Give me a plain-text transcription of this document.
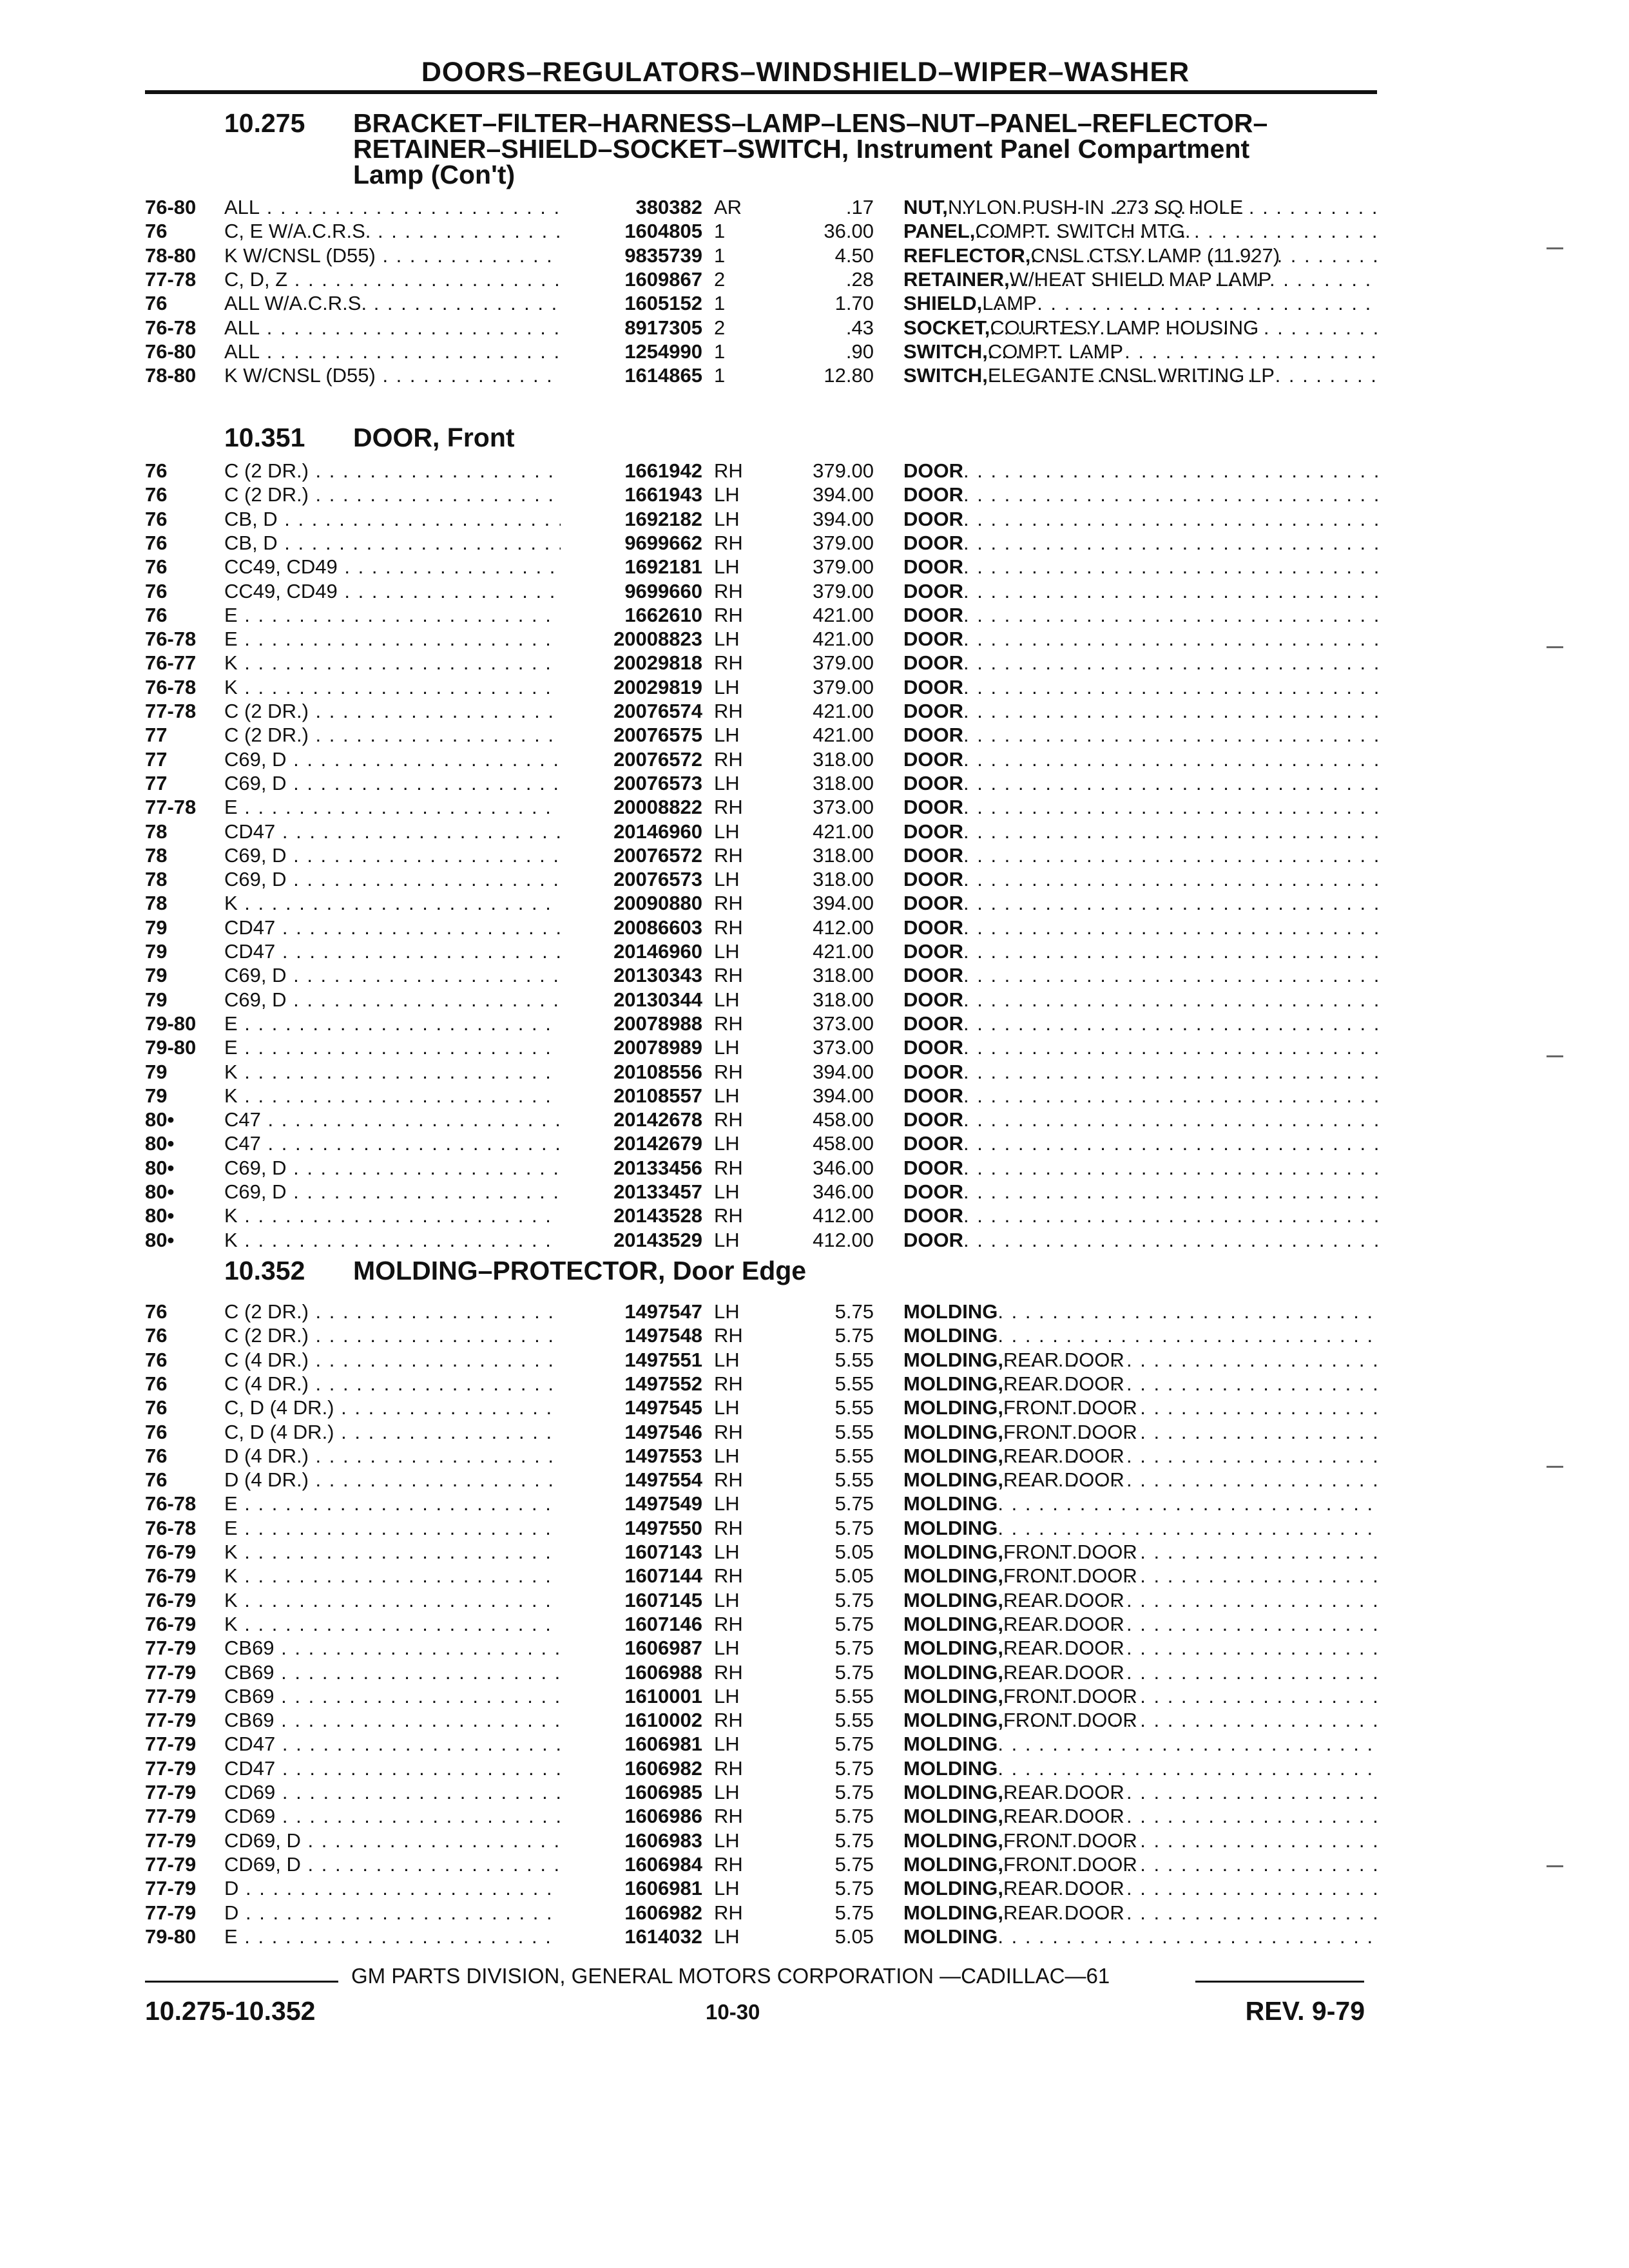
DOORS–REGULATORS–WINDSHIELD–WIPER–WASHER
10.275 BRACKET–FILTER–HARNESS–LAMP–LENS–NUT–PANEL–REFLECTOR–
RETAINER–SHIELD–SOCKET–SWITCH, Instrument Panel Compartment
Lamp (Con't)
76-80 ALL . . .	380382 AR	.17 NUT, NYLON PUSH-IN .273 SQ HOLE
. . .
76	C, E W/A.C.R.S. . . .	1604805 1	36.00 PANEL, COMPT. SWITCH MTG.
. . .
78-80 K W/CNSL (D55) . . .	9835739 1	4.50 REFLECTOR, CNSL CTSY LAMP (11.927)
. . .
77-78 C, D, Z . . .	1609867 2	.28 RETAINER, W/HEAT SHIELD MAP LAMP
. . .
76	ALL W/A.C.R.S. . . .	1605152 1	1.70 SHIELD, LAMP
. . .
76-78 ALL . . .	8917305 2	.43 SOCKET, COURTESY LAMP HOUSING
. . .
76-80 ALL . . .	1254990 1	.90 SWITCH, COMPT. LAMP
. . .
78-80 K W/CNSL (D55) . . .	1614865 1	12.80 SWITCH, ELEGANTE CNSL WRITING LP
. . .
10.351 DOOR, Front
76	C (2 DR.) . . .	1661942 RH	379.00 DOOR
. . .
76	C (2 DR.) . . .	1661943 LH	394.00 DOOR
. . .
76	CB, D . . .	1692182 LH	394.00 DOOR
. . .
76	CB, D . . .	9699662 RH	379.00 DOOR
. . .
76	CC49, CD49 . . .	1692181 LH	379.00 DOOR
. . .
76	CC49, CD49 . . .	9699660 RH	379.00 DOOR
. . .
76	E . . .	1662610 RH	421.00 DOOR
. . .
76-78 E . . .	20008823 LH	421.00 DOOR
. . .
76-77 K . . .	20029818 RH	379.00 DOOR
. . .
76-78 K . . .	20029819 LH	379.00 DOOR
. . .
77-78 C (2 DR.) . . .	20076574 RH	421.00 DOOR
. . .
77	C (2 DR.) . . .	20076575 LH	421.00 DOOR
. . .
77	C69, D . . .	20076572 RH	318.00 DOOR
. . .
77	C69, D . . .	20076573 LH	318.00 DOOR
. . .
77-78 E . . .	20008822 RH	373.00 DOOR
. . .
78	CD47 . . .	20146960 LH	421.00 DOOR
. . .
78	C69, D . . .	20076572 RH	318.00 DOOR
. . .
78	C69, D . . .	20076573 LH	318.00 DOOR
. . .
78	K . . .	20090880 RH	394.00 DOOR
. . .
79	CD47 . . .	20086603 RH	412.00 DOOR
. . .
79	CD47 . . .	20146960 LH	421.00 DOOR
. . .
79	C69, D . . .	20130343 RH	318.00 DOOR
. . .
79	C69, D . . .	20130344 LH	318.00 DOOR
. . .
79-80 E . . .	20078988 RH	373.00 DOOR
. . .
79-80 E . . .	20078989 LH	373.00 DOOR
. . .
79	K . . .	20108556 RH	394.00 DOOR
. . .
79	K . . .	20108557 LH	394.00 DOOR
. . .
80•	C47 . . .	20142678 RH	458.00 DOOR
. . .
80•	C47 . . .	20142679 LH	458.00 DOOR
. . .
80•	C69, D . . .	20133456 RH	346.00 DOOR
. . .
80•	C69, D . . .	20133457 LH	346.00 DOOR
. . .
80•	K . . .	20143528 RH	412.00 DOOR
. . .
80•	K . . .	20143529 LH	412.00 DOOR
. . .
10.352 MOLDING–PROTECTOR, Door Edge
76	C (2 DR.) . . .	1497547 LH	5.75 MOLDING
. . .
76	C (2 DR.) . . .	1497548 RH	5.75 MOLDING
. . .
76	C (4 DR.) . . .	1497551 LH	5.55 MOLDING, REAR DOOR
. . .
76	C (4 DR.) . . .	1497552 RH	5.55 MOLDING, REAR DOOR
. . .
76	C, D (4 DR.) . . .	1497545 LH	5.55 MOLDING, FRONT DOOR
. . .
76	C, D (4 DR.) . . .	1497546 RH	5.55 MOLDING, FRONT DOOR
. . .
76	D (4 DR.) . . .	1497553 LH	5.55 MOLDING, REAR DOOR
. . .
76	D (4 DR.) . . .	1497554 RH	5.55 MOLDING, REAR DOOR
. . .
76-78 E . . .	1497549 LH	5.75 MOLDING
. . .
76-78 E . . .	1497550 RH	5.75 MOLDING
. . .
76-79 K . . .	1607143 LH	5.05 MOLDING, FRONT DOOR
. . .
76-79 K . . .	1607144 RH	5.05 MOLDING, FRONT DOOR
. . .
76-79 K . . .	1607145 LH	5.75 MOLDING, REAR DOOR
. . .
76-79 K . . .	1607146 RH	5.75 MOLDING, REAR DOOR
. . .
77-79 CB69 . . .	1606987 LH	5.75 MOLDING, REAR DOOR
. . .
77-79 CB69 . . .	1606988 RH	5.75 MOLDING, REAR DOOR
. . .
77-79 CB69 . . .	1610001 LH	5.55 MOLDING, FRONT DOOR
. . .
77-79 CB69 . . .	1610002 RH	5.55 MOLDING, FRONT DOOR
. . .
77-79 CD47 . . .	1606981 LH	5.75 MOLDING
. . .
77-79 CD47 . . .	1606982 RH	5.75 MOLDING
. . .
77-79 CD69 . . .	1606985 LH	5.75 MOLDING, REAR DOOR
. . .
77-79 CD69 . . .	1606986 RH	5.75 MOLDING, REAR DOOR
. . .
77-79 CD69, D . . .	1606983 LH	5.75 MOLDING, FRONT DOOR
. . .
77-79 CD69, D . . .	1606984 RH	5.75 MOLDING, FRONT DOOR
. . .
77-79 D . . .	1606981 LH	5.75 MOLDING, REAR DOOR
. . .
77-79 D . . .	1606982 RH	5.75 MOLDING, REAR DOOR
. . .
79-80 E . . .	1614032 LH	5.05 MOLDING
. . .
GM PARTS DIVISION, GENERAL MOTORS CORPORATION —CADILLAC—61
10.275-10.352	10-30	REV. 9-79
